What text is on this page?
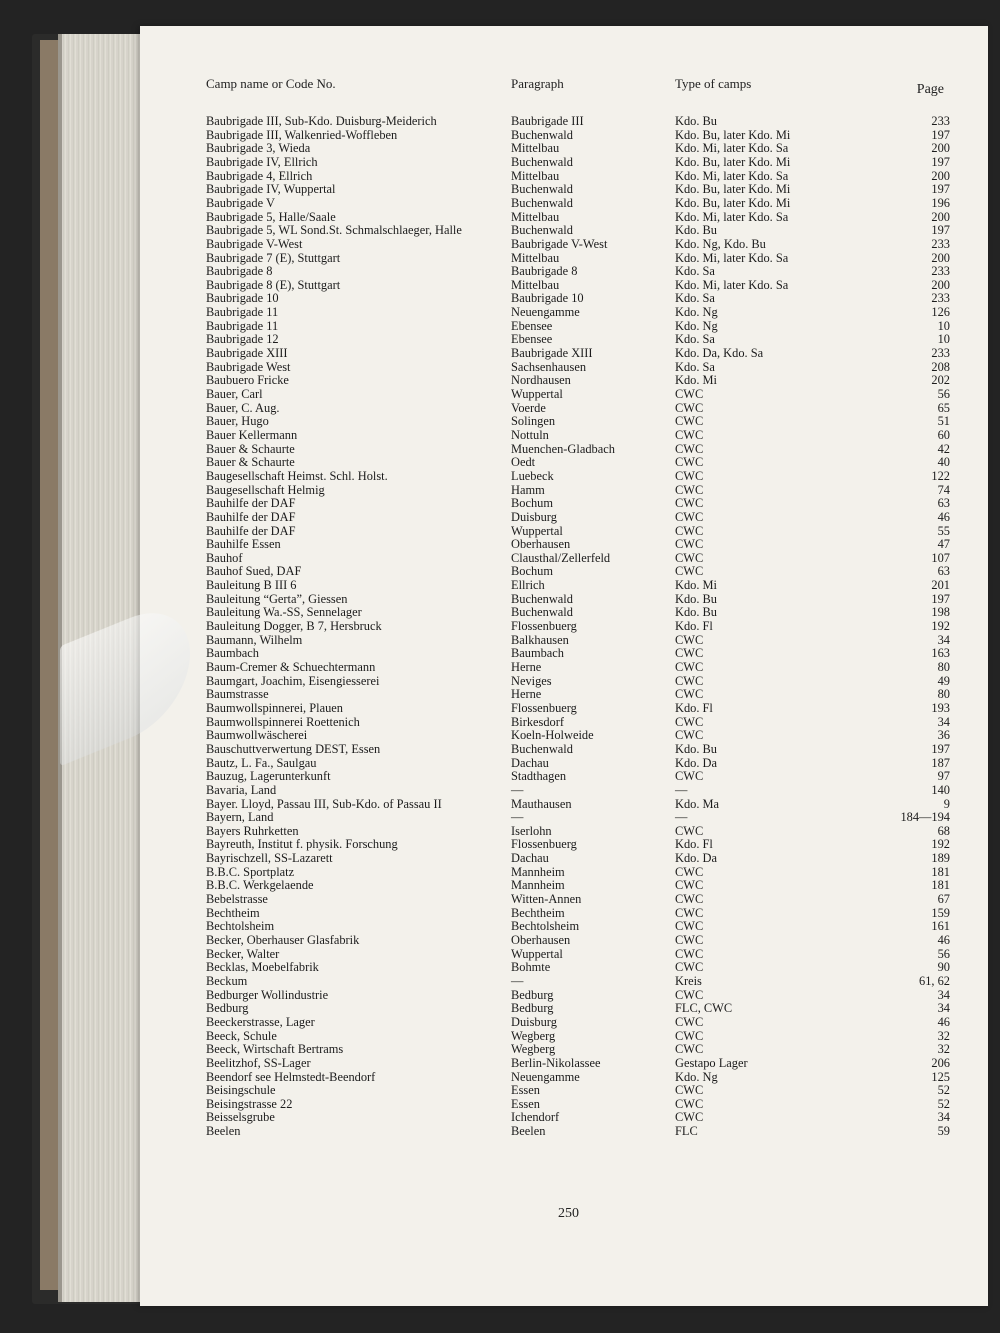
Camp name or Code No.	Paragraph	Type of camps	Page
Baubrigade III, Sub-Kdo. Duisburg-Meiderich	Baubrigade III	Kdo. Bu	233
Baubrigade III, Walkenried-Woffleben	Buchenwald	Kdo. Bu, later Kdo. Mi	197
Baubrigade 3, Wieda	Mittelbau	Kdo. Mi, later Kdo. Sa	200
Baubrigade IV, Ellrich	Buchenwald	Kdo. Bu, later Kdo. Mi	197
Baubrigade 4, Ellrich	Mittelbau	Kdo. Mi, later Kdo. Sa	200
Baubrigade IV, Wuppertal	Buchenwald	Kdo. Bu, later Kdo. Mi	197
Baubrigade V	Buchenwald	Kdo. Bu, later Kdo. Mi	196
Baubrigade 5, Halle/Saale	Mittelbau	Kdo. Mi, later Kdo. Sa	200
Baubrigade 5, WL Sond.St. Schmalschlaeger, Halle	Buchenwald	Kdo. Bu	197
Baubrigade V-West	Baubrigade V-West	Kdo. Ng, Kdo. Bu	233
Baubrigade 7 (E), Stuttgart	Mittelbau	Kdo. Mi, later Kdo. Sa	200
Baubrigade 8	Baubrigade 8	Kdo. Sa	233
Baubrigade 8 (E), Stuttgart	Mittelbau	Kdo. Mi, later Kdo. Sa	200
Baubrigade 10	Baubrigade 10	Kdo. Sa	233
Baubrigade 11	Neuengamme	Kdo. Ng	126
Baubrigade 11	Ebensee	Kdo. Ng	10
Baubrigade 12	Ebensee	Kdo. Sa	10
Baubrigade XIII	Baubrigade XIII	Kdo. Da, Kdo. Sa	233
Baubrigade West	Sachsenhausen	Kdo. Sa	208
Baubuero Fricke	Nordhausen	Kdo. Mi	202
Bauer, Carl	Wuppertal	CWC	56
Bauer, C. Aug.	Voerde	CWC	65
Bauer, Hugo	Solingen	CWC	51
Bauer Kellermann	Nottuln	CWC	60
Bauer & Schaurte	Muenchen-Gladbach	CWC	42
Bauer & Schaurte	Oedt	CWC	40
Baugesellschaft Heimst. Schl. Holst.	Luebeck	CWC	122
Baugesellschaft Helmig	Hamm	CWC	74
Bauhilfe der DAF	Bochum	CWC	63
Bauhilfe der DAF	Duisburg	CWC	46
Bauhilfe der DAF	Wuppertal	CWC	55
Bauhilfe Essen	Oberhausen	CWC	47
Bauhof	Clausthal/Zellerfeld	CWC	107
Bauhof Sued, DAF	Bochum	CWC	63
Bauleitung B III 6	Ellrich	Kdo. Mi	201
Bauleitung “Gerta”, Giessen	Buchenwald	Kdo. Bu	197
Bauleitung Wa.-SS, Sennelager	Buchenwald	Kdo. Bu	198
Bauleitung Dogger, B 7, Hersbruck	Flossenbuerg	Kdo. Fl	192
Baumann, Wilhelm	Balkhausen	CWC	34
Baumbach	Baumbach	CWC	163
Baum-Cremer & Schuechtermann	Herne	CWC	80
Baumgart, Joachim, Eisengiesserei	Neviges	CWC	49
Baumstrasse	Herne	CWC	80
Baumwollspinnerei, Plauen	Flossenbuerg	Kdo. Fl	193
Baumwollspinnerei Roettenich	Birkesdorf	CWC	34
Baumwollwäscherei	Koeln-Holweide	CWC	36
Bauschuttverwertung DEST, Essen	Buchenwald	Kdo. Bu	197
Bautz, L. Fa., Saulgau	Dachau	Kdo. Da	187
Bauzug, Lagerunterkunft	Stadthagen	CWC	97
Bavaria, Land	—	—	140
Bayer. Lloyd, Passau III, Sub-Kdo. of Passau II	Mauthausen	Kdo. Ma	9
Bayern, Land	—	—	184—194
Bayers Ruhrketten	Iserlohn	CWC	68
Bayreuth, Institut f. physik. Forschung	Flossenbuerg	Kdo. Fl	192
Bayrischzell, SS-Lazarett	Dachau	Kdo. Da	189
B.B.C. Sportplatz	Mannheim	CWC	181
B.B.C. Werkgelaende	Mannheim	CWC	181
Bebelstrasse	Witten-Annen	CWC	67
Bechtheim	Bechtheim	CWC	159
Bechtolsheim	Bechtolsheim	CWC	161
Becker, Oberhauser Glasfabrik	Oberhausen	CWC	46
Becker, Walter	Wuppertal	CWC	56
Becklas, Moebelfabrik	Bohmte	CWC	90
Beckum	—	Kreis	61, 62
Bedburger Wollindustrie	Bedburg	CWC	34
Bedburg	Bedburg	FLC, CWC	34
Beeckerstrasse, Lager	Duisburg	CWC	46
Beeck, Schule	Wegberg	CWC	32
Beeck, Wirtschaft Bertrams	Wegberg	CWC	32
Beelitzhof, SS-Lager	Berlin-Nikolassee	Gestapo Lager	206
Beendorf see Helmstedt-Beendorf	Neuengamme	Kdo. Ng	125
Beisingschule	Essen	CWC	52
Beisingstrasse 22	Essen	CWC	52
Beisselsgrube	Ichendorf	CWC	34
Beelen	Beelen	FLC	59
250
